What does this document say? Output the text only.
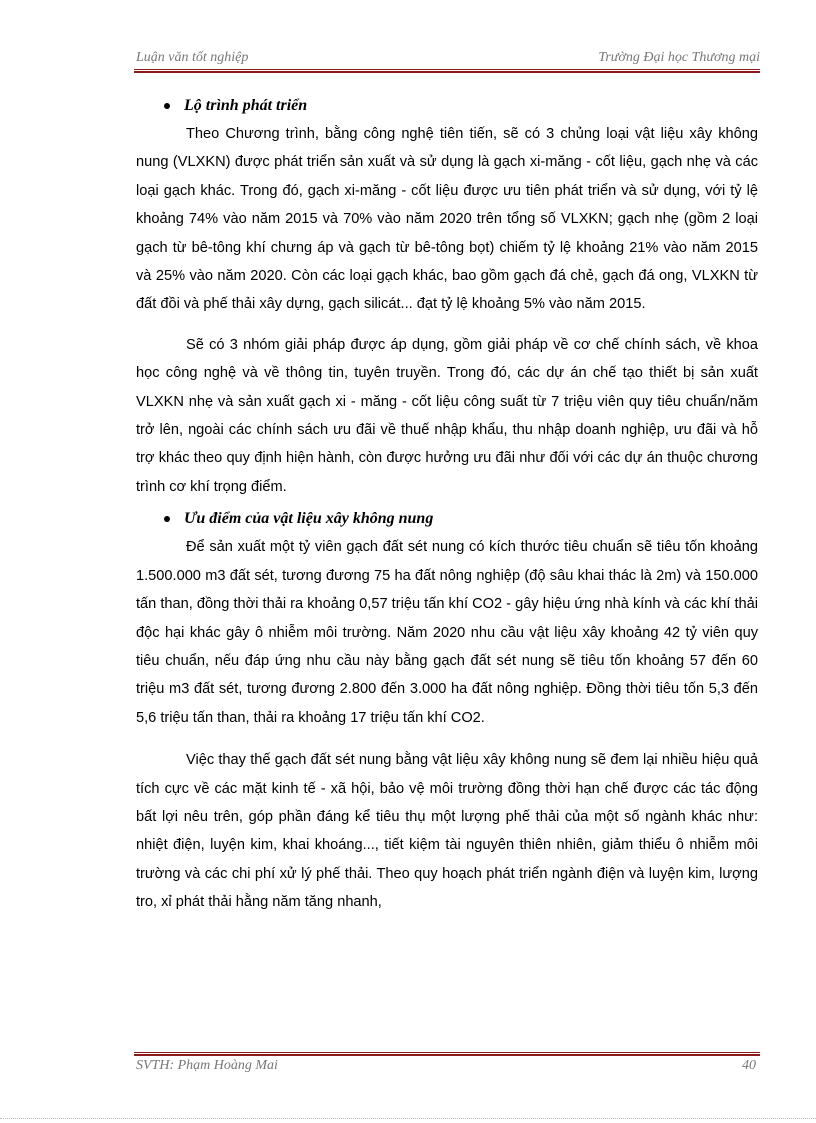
Luận văn tốt nghiệp	Trường Đại học Thương mại
Lộ trình phát triển

Theo Chương trình, bằng công nghệ tiên tiến, sẽ có 3 chủng loại vật liệu xây không nung (VLXKN) được phát triển sản xuất và sử dụng là gạch xi-măng - cốt liệu, gạch nhẹ và các loại gạch khác. Trong đó, gạch xi-măng - cốt liệu được ưu tiên phát triển và sử dụng, với tỷ lệ khoảng 74% vào năm 2015 và 70% vào năm 2020 trên tổng số VLXKN; gạch nhẹ (gồm 2 loại gạch từ bê-tông khí chưng áp và gạch từ bê-tông bọt) chiếm tỷ lệ khoảng 21% vào năm 2015 và 25% vào năm 2020. Còn các loại gạch khác, bao gồm gạch đá chẻ, gạch đá ong, VLXKN từ đất đồi và phế thải xây dựng, gạch silicát... đạt tỷ lệ khoảng 5% vào năm 2015.

Sẽ có 3 nhóm giải pháp được áp dụng, gồm giải pháp về cơ chế chính sách, về khoa học công nghệ và về thông tin, tuyên truyền. Trong đó, các dự án chế tạo thiết bị sản xuất VLXKN nhẹ và sản xuất gạch xi - măng - cốt liệu công suất từ 7 triệu viên quy tiêu chuẩn/năm trở lên, ngoài các chính sách ưu đãi về thuế nhập khẩu, thu nhập doanh nghiệp, ưu đãi và hỗ trợ khác theo quy định hiện hành, còn được hưởng ưu đãi như đối với các dự án thuộc chương trình cơ khí trọng điểm.

Ưu điểm của vật liệu xây không nung

Để sản xuất một tỷ viên gạch đất sét nung có kích thước tiêu chuẩn sẽ tiêu tốn khoảng 1.500.000 m3 đất sét, tương đương 75 ha đất nông nghiệp (độ sâu khai thác là 2m) và 150.000 tấn than, đồng thời thải ra khoảng 0,57 triệu tấn khí CO2 - gây hiệu ứng nhà kính và các khí thải độc hại khác gây ô nhiễm môi trường. Năm 2020 nhu cầu vật liệu xây khoảng 42 tỷ viên quy tiêu chuẩn, nếu đáp ứng nhu cầu này bằng gạch đất sét nung sẽ tiêu tốn khoảng 57 đến 60 triệu m3 đất sét, tương đương 2.800 đến 3.000 ha đất nông nghiệp. Đồng thời tiêu tốn 5,3 đến 5,6 triệu tấn than, thải ra khoảng 17 triệu tấn khí CO2.

Việc thay thế gạch đất sét nung bằng vật liệu xây không nung sẽ đem lại nhiều hiệu quả tích cực về các mặt kinh tế - xã hội, bảo vệ môi trường đồng thời hạn chế được các tác động bất lợi nêu trên, góp phần đáng kể tiêu thụ một lượng phế thải của một số ngành khác như: nhiệt điện, luyện kim, khai khoáng..., tiết kiệm tài nguyên thiên nhiên, giảm thiểu ô nhiễm môi trường và các chi phí xử lý phế thải. Theo quy hoạch phát triển ngành điện và luyện kim, lượng tro, xỉ phát thải hằng năm tăng nhanh,

SVTH: Phạm Hoàng Mai	40
